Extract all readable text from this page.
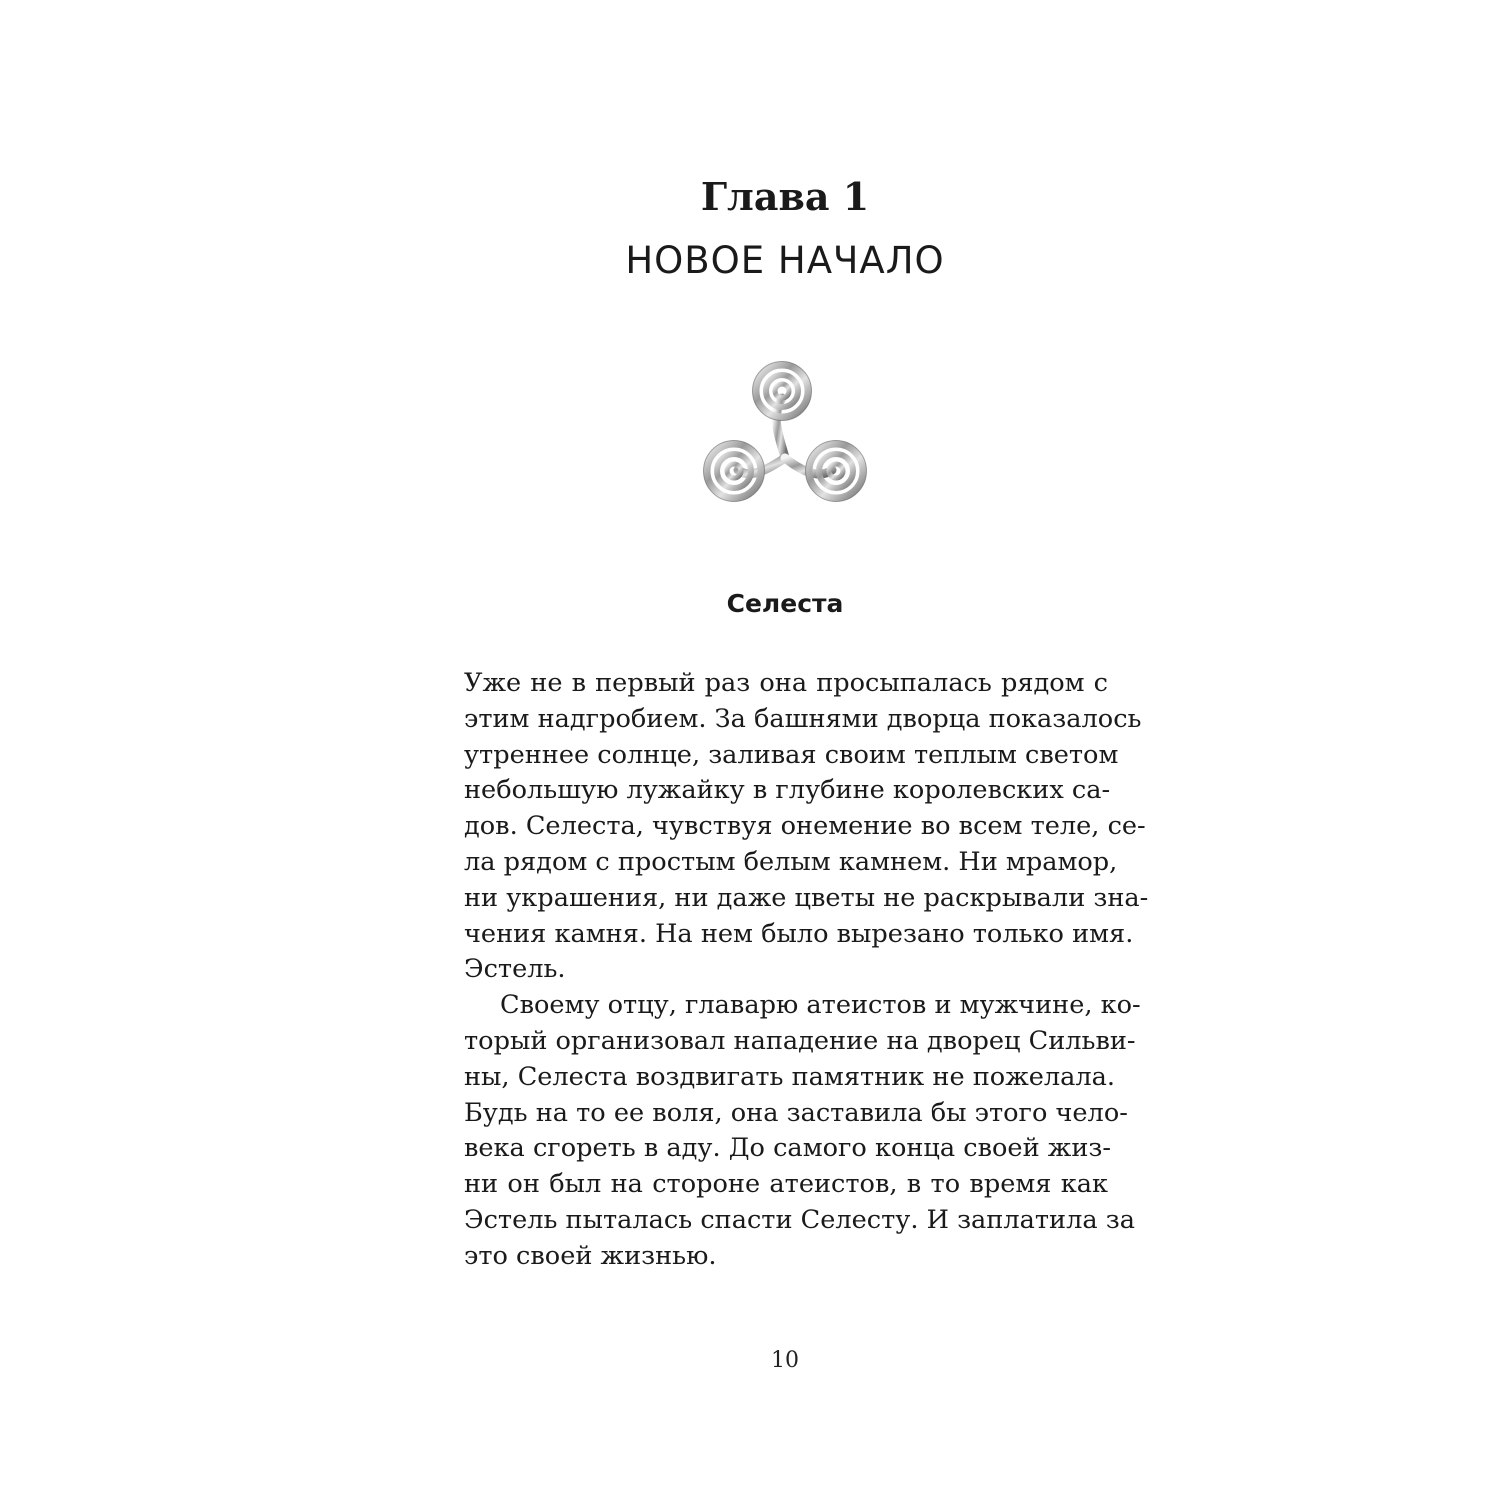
Глава 1
НОВОЕ НАЧАЛО
Селеста
Уже не в первый раз она просыпалась рядом с
этим надгробием. За башнями дворца показалось
утреннее солнце, заливая своим теплым светом
небольшую лужайку в глубине королевских са-
дов. Селеста, чувствуя онемение во всем теле, се-
ла рядом с простым белым камнем. Ни мрамор,
ни украшения, ни даже цветы не раскрывали зна-
чения камня. На нем было вырезано только имя.
Эстель.
Своему отцу, главарю атеистов и мужчине, ко-
торый организовал нападение на дворец Сильви-
ны, Селеста воздвигать памятник не пожелала.
Будь на то ее воля, она заставила бы этого чело-
века сгореть в аду. До самого конца своей жиз-
ни он был на стороне атеистов, в то время как
Эстель пыталась спасти Селесту. И заплатила за
это своей жизнью.
10
